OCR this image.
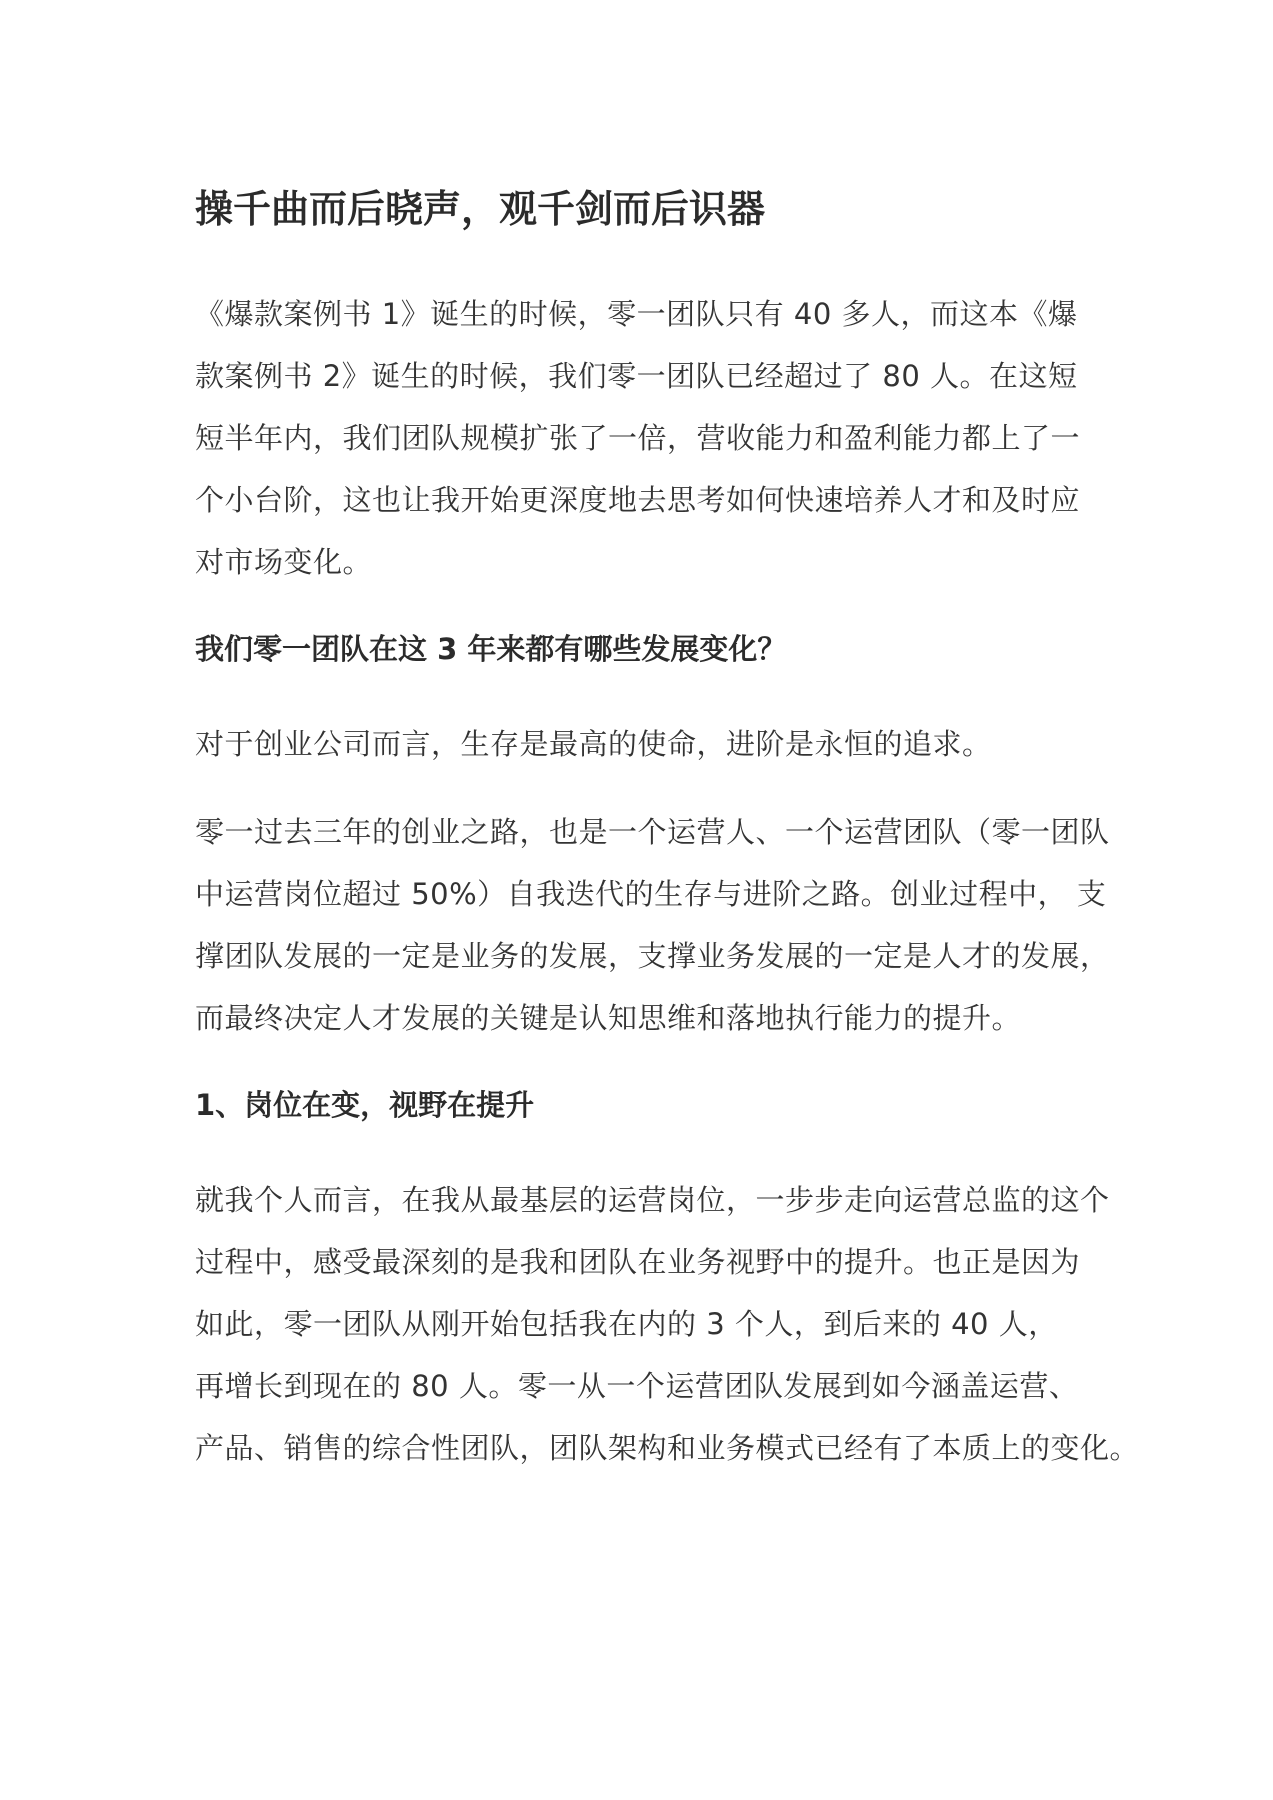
操千曲而后晓声，观千剑而后识器

《爆款案例书 1》诞生的时候，零一团队只有 40 多人，而这本《爆
款案例书 2》诞生的时候，我们零一团队已经超过了 80 人。在这短
短半年内，我们团队规模扩张了一倍，营收能力和盈利能力都上了一
个小台阶，这也让我开始更深度地去思考如何快速培养人才和及时应
对市场变化。

我们零一团队在这 3 年来都有哪些发展变化？

对于创业公司而言，生存是最高的使命，进阶是永恒的追求。

零一过去三年的创业之路，也是一个运营人、一个运营团队（零一团队
中运营岗位超过 50%）自我迭代的生存与进阶之路。创业过程中， 支
撑团队发展的一定是业务的发展，支撑业务发展的一定是人才的发展，
而最终决定人才发展的关键是认知思维和落地执行能力的提升。

1、岗位在变，视野在提升

就我个人而言，在我从最基层的运营岗位，一步步走向运营总监的这个
过程中，感受最深刻的是我和团队在业务视野中的提升。也正是因为
如此，零一团队从刚开始包括我在内的 3 个人，到后来的 40 人，
再增长到现在的 80 人。零一从一个运营团队发展到如今涵盖运营、
产品、销售的综合性团队，团队架构和业务模式已经有了本质上的变化。
